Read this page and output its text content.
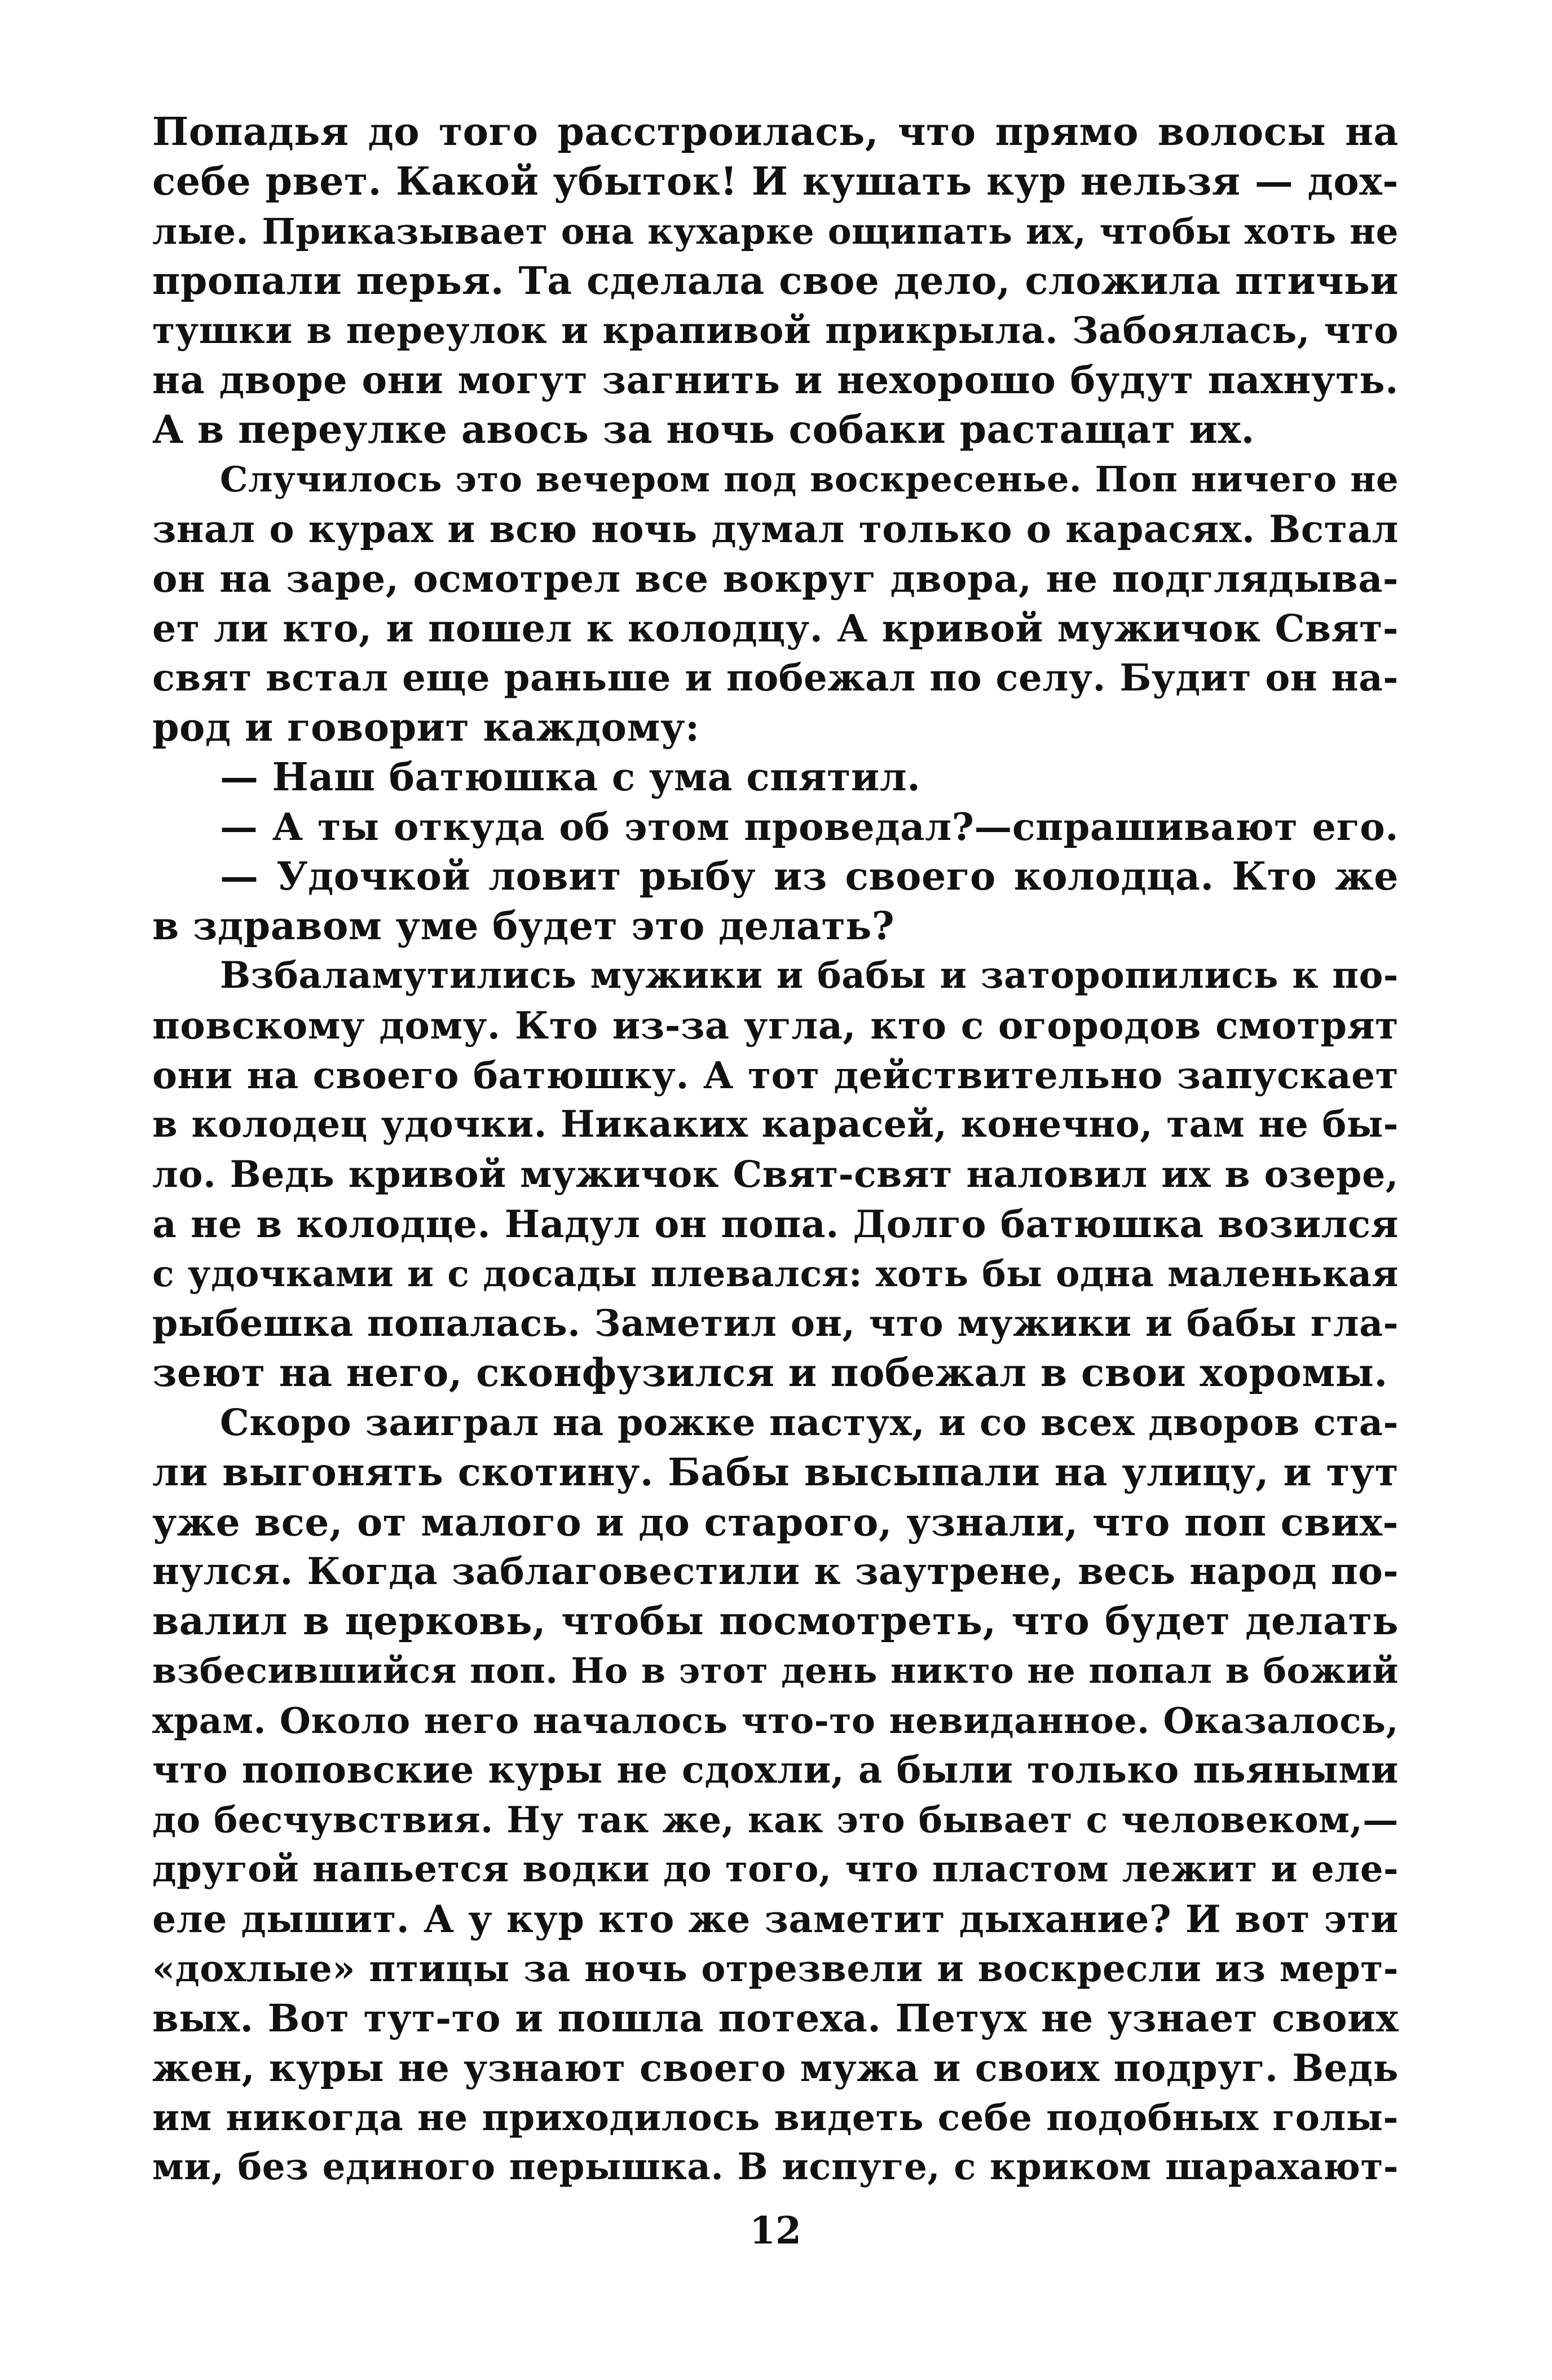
Попадья до того расстроилась, что прямо волосы на
себе рвет. Какой убыток! И кушать кур нельзя — дох-
лые. Приказывает она кухарке ощипать их, чтобы хоть не
пропали перья. Та сделала свое дело, сложила птичьи
тушки в переулок и крапивой прикрыла. Забоялась, что
на дворе они могут загнить и нехорошо будут пахнуть.
А в переулке авось за ночь собаки растащат их.
Случилось это вечером под воскресенье. Поп ничего не
знал о курах и всю ночь думал только о карасях. Встал
он на заре, осмотрел все вокруг двора, не подглядыва-
ет ли кто, и пошел к колодцу. А кривой мужичок Свят-
свят встал еще раньше и побежал по селу. Будит он на-
род и говорит каждому:
— Наш батюшка с ума спятил.
— А ты откуда об этом проведал?—спрашивают его.
— Удочкой ловит рыбу из своего колодца. Кто же
в здравом уме будет это делать?
Взбаламутились мужики и бабы и заторопились к по-
повскому дому. Кто из-за угла, кто с огородов смотрят
они на своего батюшку. А тот действительно запускает
в колодец удочки. Никаких карасей, конечно, там не бы-
ло. Ведь кривой мужичок Свят-свят наловил их в озере,
а не в колодце. Надул он попа. Долго батюшка возился
с удочками и с досады плевался: хоть бы одна маленькая
рыбешка попалась. Заметил он, что мужики и бабы гла-
зеют на него, сконфузился и побежал в свои хоромы.
Скоро заиграл на рожке пастух, и со всех дворов ста-
ли выгонять скотину. Бабы высыпали на улицу, и тут
уже все, от малого и до старого, узнали, что поп свих-
нулся. Когда заблаговестили к заутрене, весь народ по-
валил в церковь, чтобы посмотреть, что будет делать
взбесившийся поп. Но в этот день никто не попал в божий
храм. Около него началось что-то невиданное. Оказалось,
что поповские куры не сдохли, а были только пьяными
до бесчувствия. Ну так же, как это бывает с человеком,—
другой напьется водки до того, что пластом лежит и еле-
еле дышит. А у кур кто же заметит дыхание? И вот эти
«дохлые» птицы за ночь отрезвели и воскресли из мерт-
вых. Вот тут-то и пошла потеха. Петух не узнает своих
жен, куры не узнают своего мужа и своих подруг. Ведь
им никогда не приходилось видеть себе подобных голы-
ми, без единого перышка. В испуге, с криком шарахают-
12
